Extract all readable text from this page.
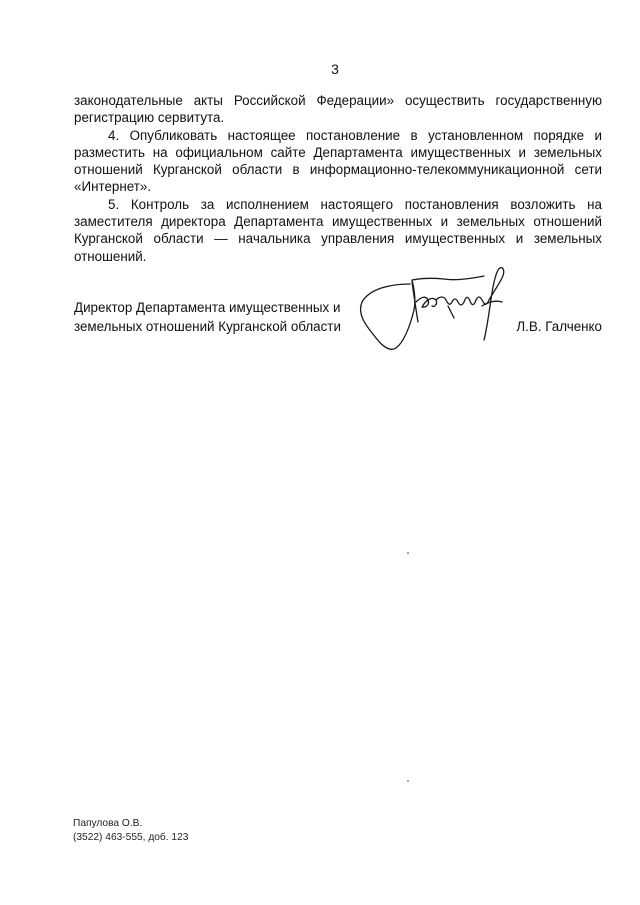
3

законодательные акты Российской Федерации» осуществить государственную регистрацию сервитута.

4. Опубликовать настоящее постановление в установленном порядке и разместить на официальном сайте Департамента имущественных и земельных отношений Курганской области в информационно-телекоммуникационной сети «Интернет».

5. Контроль за исполнением настоящего постановления возложить на заместителя директора Департамента имущественных и земельных отношений Курганской области — начальника управления имущественных и земельных отношений.

Директор Департамента имущественных и
земельных отношений Курганской области	Л.В. Галченко
Папулова О.В.
(3522) 463-555, доб. 123
